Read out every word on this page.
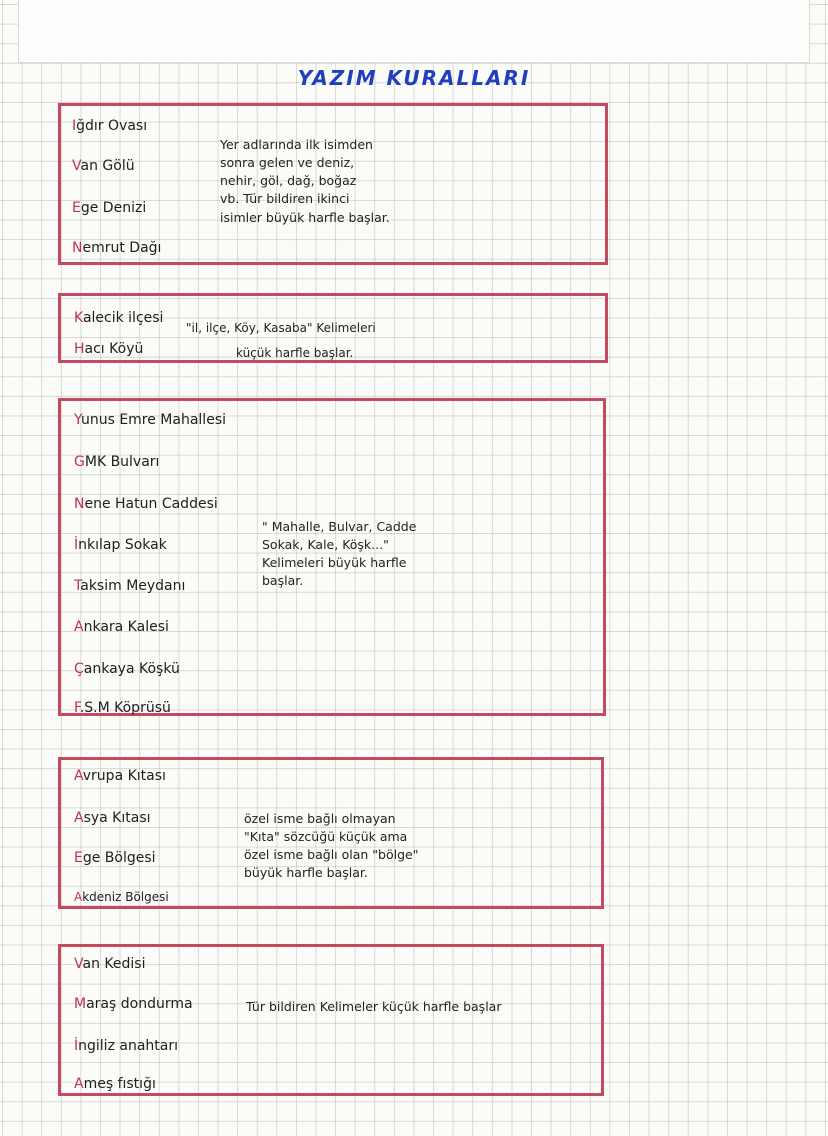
YAZIM KURALLARI
Iğdır Ovası
Van Gölü
Ege Denizi
Nemrut Dağı
Yer adlarında ilk isimden
sonra gelen ve deniz,
nehir, göl, dağ, boğaz
vb. Tür bildiren ikinci
isimler büyük harfle başlar.
Kalecik ilçesi
Hacı Köyü
"il, ilçe, Köy, Kasaba" Kelimeleri
küçük harfle başlar.
Yunus Emre Mahallesi
GMK Bulvarı
Nene Hatun Caddesi
İnkılap Sokak
Taksim Meydanı
Ankara Kalesi
Çankaya Köşkü
F.S.M Köprüsü
" Mahalle, Bulvar, Cadde
Sokak, Kale, Köşk..."
Kelimeleri büyük harfle
başlar.
Avrupa Kıtası
Asya Kıtası
Ege Bölgesi
Akdeniz Bölgesi
özel isme bağlı olmayan
"Kıta" sözcüğü küçük ama
özel isme bağlı olan "bölge"
büyük harfle başlar.
Van Kedisi
Maraş dondurma
İngiliz anahtarı
Ameş fıstığı
Tür bildiren Kelimeler küçük harfle başlar
